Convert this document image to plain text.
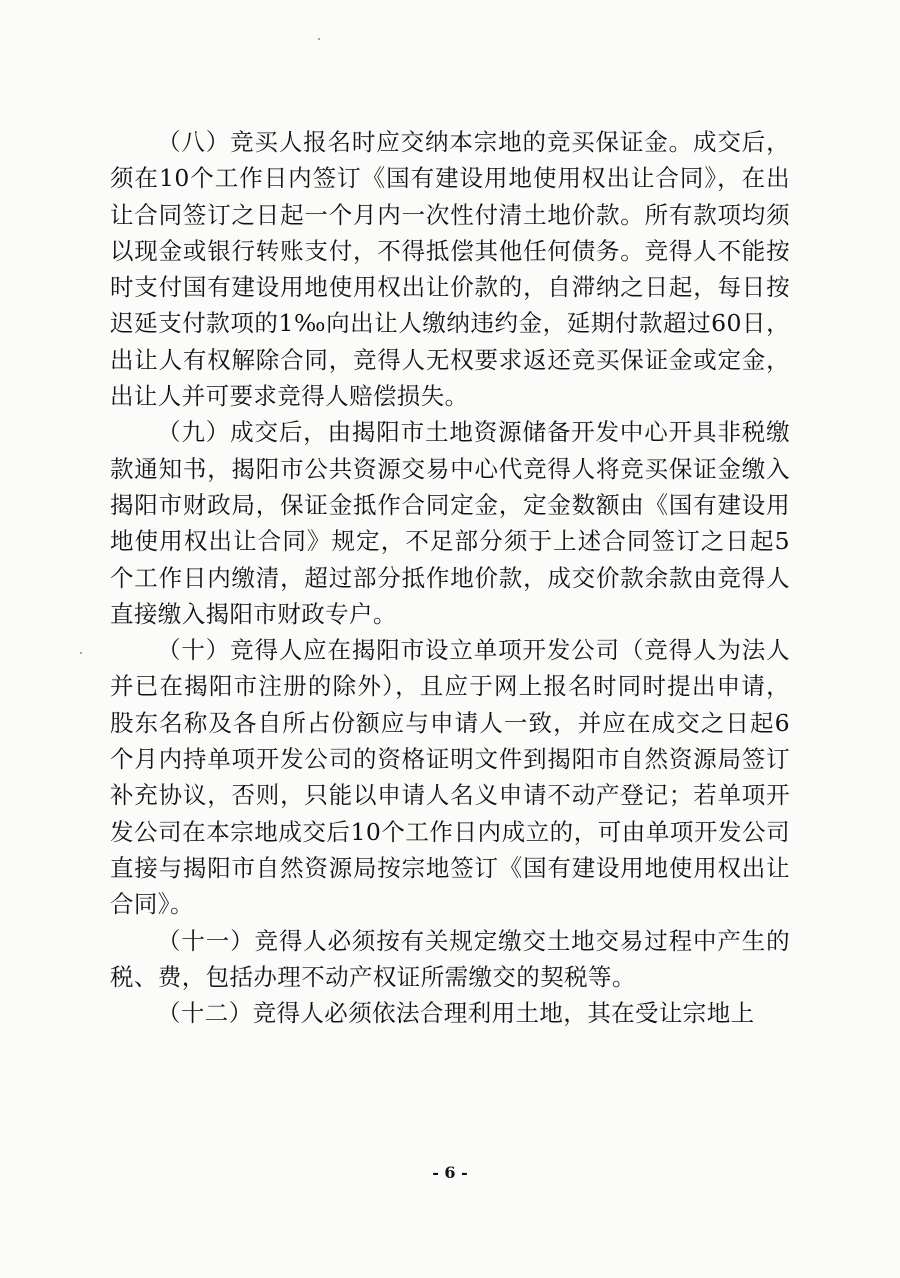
（八）竞买人报名时应交纳本宗地的竞买保证金。成交后，须在10个工作日内签订《国有建设用地使用权出让合同》，在出让合同签订之日起一个月内一次性付清土地价款。所有款项均须以现金或银行转账支付，不得抵偿其他任何债务。竞得人不能按时支付国有建设用地使用权出让价款的，自滞纳之日起，每日按迟延支付款项的1‰向出让人缴纳违约金，延期付款超过60日，出让人有权解除合同，竞得人无权要求返还竞买保证金或定金，出让人并可要求竞得人赔偿损失。

（九）成交后，由揭阳市土地资源储备开发中心开具非税缴款通知书，揭阳市公共资源交易中心代竞得人将竞买保证金缴入揭阳市财政局，保证金抵作合同定金，定金数额由《国有建设用地使用权出让合同》规定，不足部分须于上述合同签订之日起5个工作日内缴清，超过部分抵作地价款，成交价款余款由竞得人直接缴入揭阳市财政专户。

（十）竞得人应在揭阳市设立单项开发公司（竞得人为法人并已在揭阳市注册的除外），且应于网上报名时同时提出申请，股东名称及各自所占份额应与申请人一致，并应在成交之日起6个月内持单项开发公司的资格证明文件到揭阳市自然资源局签订补充协议，否则，只能以申请人名义申请不动产登记；若单项开发公司在本宗地成交后10个工作日内成立的，可由单项开发公司直接与揭阳市自然资源局按宗地签订《国有建设用地使用权出让合同》。

（十一）竞得人必须按有关规定缴交土地交易过程中产生的税、费，包括办理不动产权证所需缴交的契税等。

（十二）竞得人必须依法合理利用土地，其在受让宗地上

- 6 -
